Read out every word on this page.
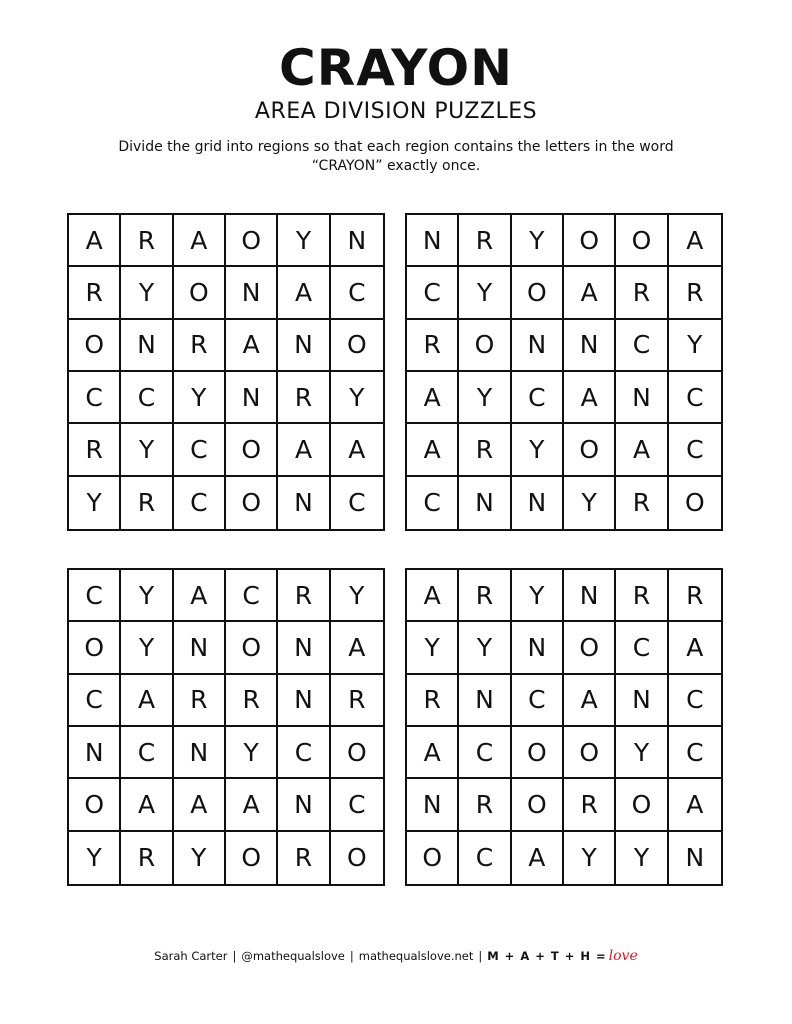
CRAYON
AREA DIVISION PUZZLES
Divide the grid into regions so that each region contains the letters in the word “CRAYON” exactly once.
A	R	A	O	Y	N
R	Y	O	N	A	C
O	N	R	A	N	O
C	C	Y	N	R	Y
R	Y	C	O	A	A
Y	R	C	O	N	C
N	R	Y	O	O	A
C	Y	O	A	R	R
R	O	N	N	C	Y
A	Y	C	A	N	C
A	R	Y	O	A	C
C	N	N	Y	R	O
C	Y	A	C	R	Y
O	Y	N	O	N	A
C	A	R	R	N	R
N	C	N	Y	C	O
O	A	A	A	N	C
Y	R	Y	O	R	O
A	R	Y	N	R	R
Y	Y	N	O	C	A
R	N	C	A	N	C
A	C	O	O	Y	C
N	R	O	R	O	A
O	C	A	Y	Y	N
Sarah Carter | @mathequalslove | mathequalslove.net | M + A + T + H = love
